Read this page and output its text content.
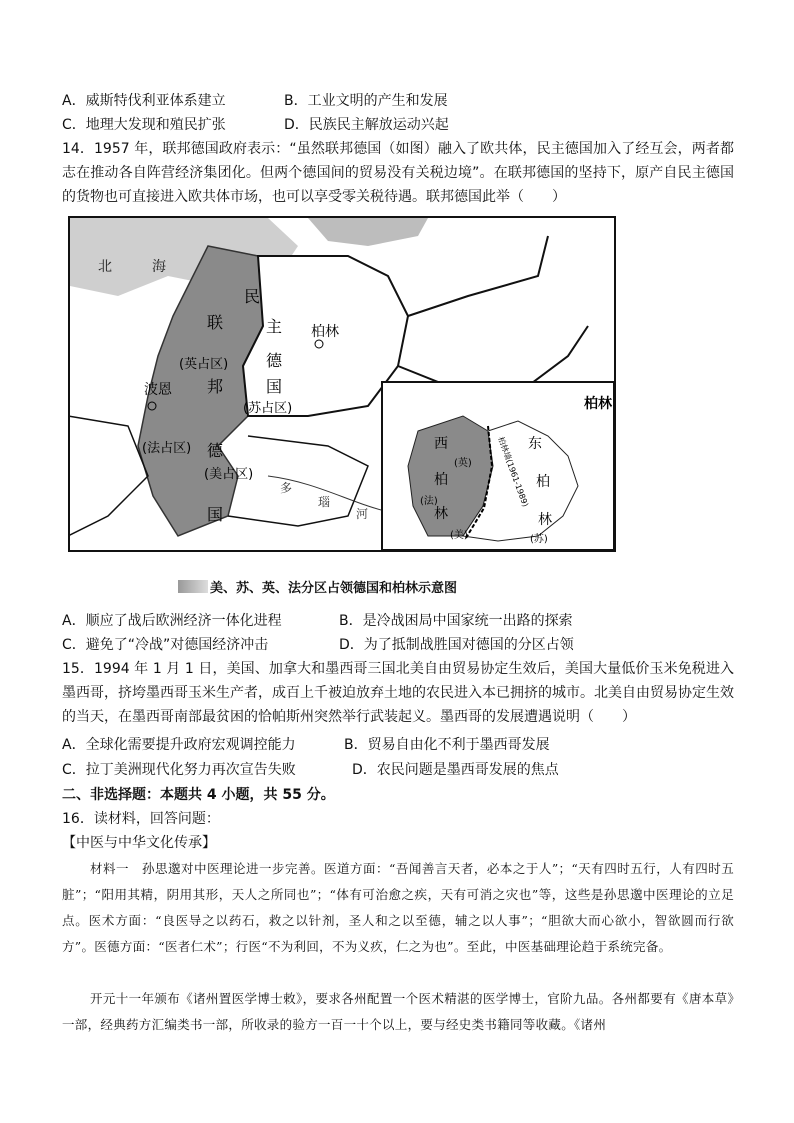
A．威斯特伐利亚体系建立	B．工业文明的产生和发展
C．地理大发现和殖民扩张	D．民族民主解放运动兴起
14．1957 年，联邦德国政府表示：“虽然联邦德国（如图）融入了欧共体，民主德国加入了经互会，两者都志在推动各自阵营经济集团化。但两个德国间的贸易没有关税边境”。在联邦德国的坚持下，原产自民主德国的货物也可直接进入欧共体市场，也可以享受零关税待遇。联邦德国此举（　　）
北	海
民
主
德
国
(苏占区)
柏林
联
(英占区)
邦
波恩
(法占区) 德
(美占区)
国
多
瑙
河
柏林
西
柏
林
(英)
(法)
(美)
东
柏
林
(苏)
柏林墙(1961-1989)
美、苏、英、法分区占领德国和柏林示意图
A．顺应了战后欧洲经济一体化进程	B．是冷战困局中国家统一出路的探索
C．避免了“冷战”对德国经济冲击	D．为了抵制战胜国对德国的分区占领
15．1994 年 1 月 1 日，美国、加拿大和墨西哥三国北美自由贸易协定生效后，美国大量低价玉米免税进入墨西哥，挤垮墨西哥玉米生产者，成百上千被迫放弃土地的农民进入本已拥挤的城市。北美自由贸易协定生效的当天，在墨西哥南部最贫困的恰帕斯州突然举行武装起义。墨西哥的发展遭遇说明（　　）
A．全球化需要提升政府宏观调控能力	B．贸易自由化不利于墨西哥发展
C．拉丁美洲现代化努力再次宣告失败	D．农民问题是墨西哥发展的焦点
二、非选择题：本题共 4 小题，共 55 分。
16．读材料，回答问题：
【中医与中华文化传承】
材料一　孙思邈对中医理论进一步完善。医道方面：“吾闻善言天者，必本之于人”；“天有四时五行，人有四时五脏”；“阳用其精，阴用其形，天人之所同也”；“体有可治愈之疾，天有可消之灾也”等，这些是孙思邈中医理论的立足点。医术方面：“良医导之以药石，救之以针剂，圣人和之以至德，辅之以人事”；“胆欲大而心欲小，智欲圆而行欲方”。医德方面：“医者仁术”；行医“不为利回，不为义疚，仁之为也”。至此，中医基础理论趋于系统完备。
开元十一年颁布《诸州置医学博士敕》，要求各州配置一个医术精湛的医学博士，官阶九品。各州都要有《唐本草》一部，经典药方汇编类书一部，所收录的验方一百一十个以上，要与经史类书籍同等收藏。《诸州
